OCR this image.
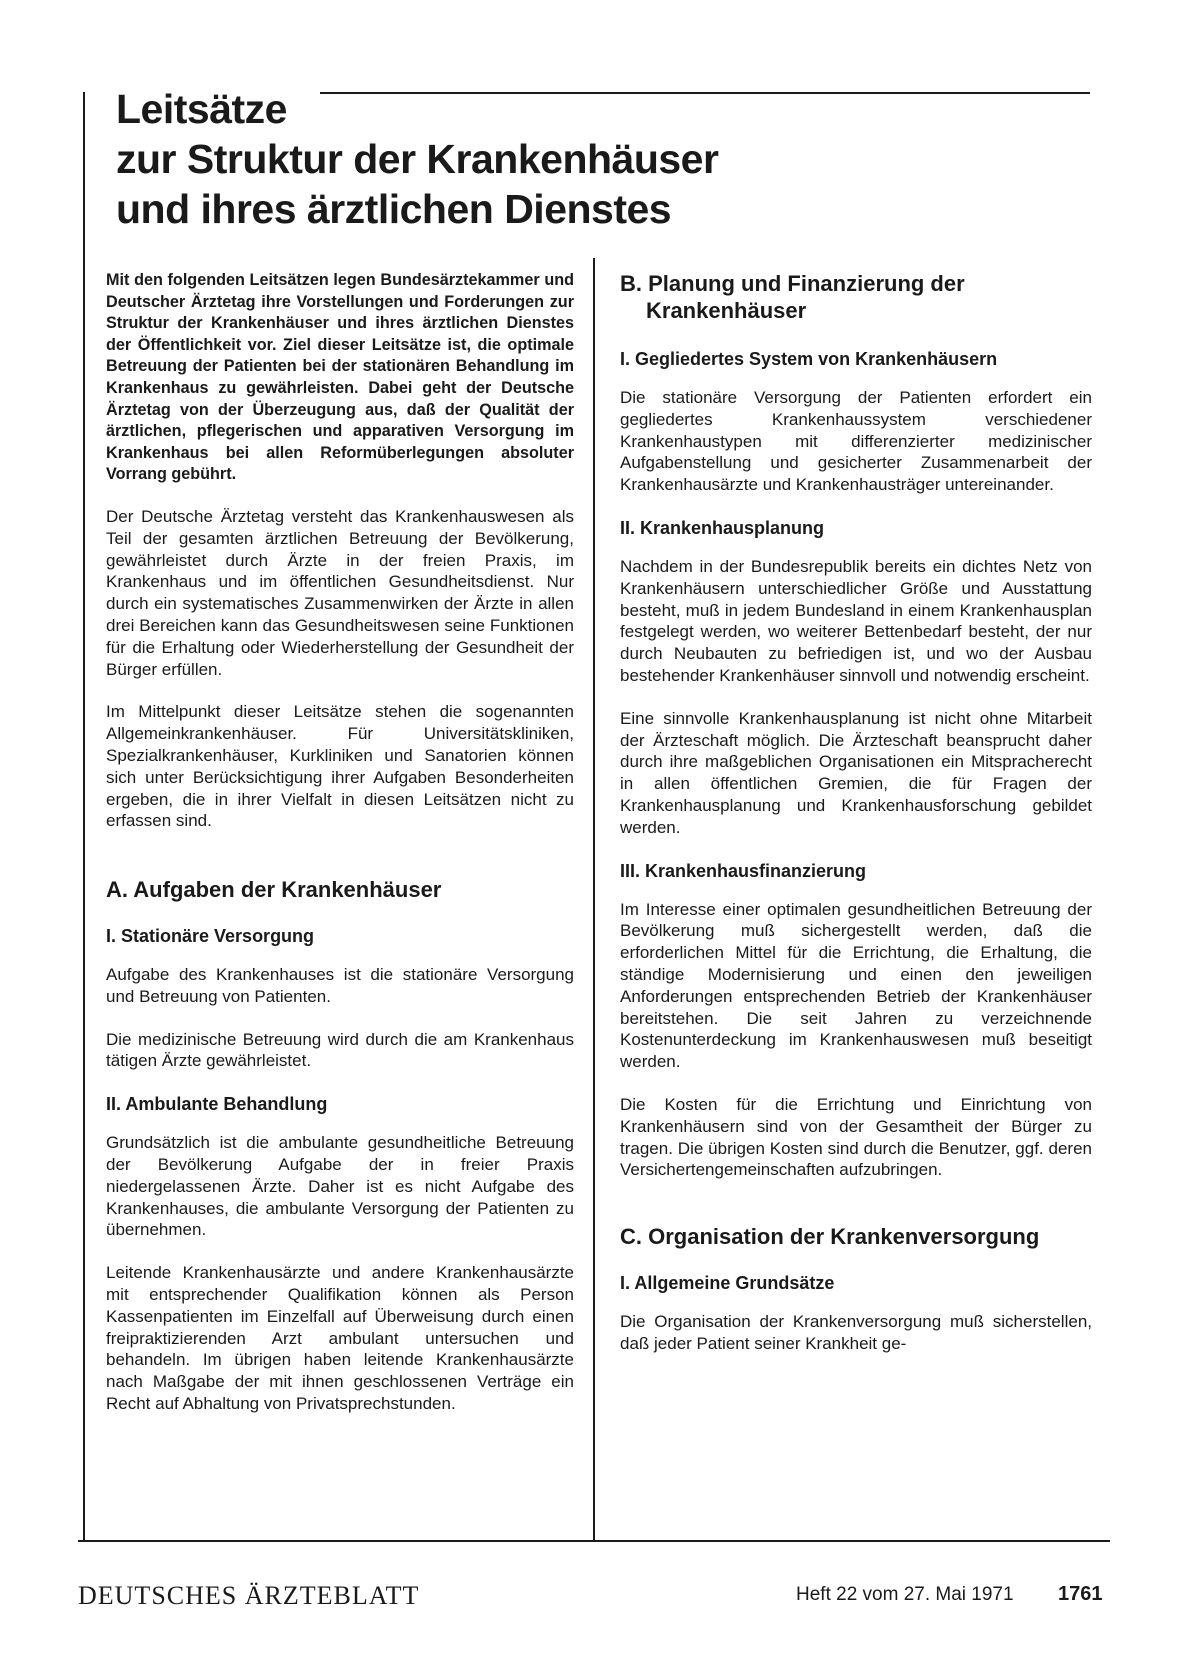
Leitsätze
zur Struktur der Krankenhäuser
und ihres ärztlichen Dienstes

Mit den folgenden Leitsätzen legen Bundesärztekammer und Deutscher Ärztetag ihre Vorstellungen und Forderungen zur Struktur der Krankenhäuser und ihres ärztlichen Dienstes der Öffentlichkeit vor. Ziel dieser Leitsätze ist, die optimale Betreuung der Patienten bei der stationären Behandlung im Krankenhaus zu gewährleisten. Dabei geht der Deutsche Ärztetag von der Überzeugung aus, daß der Qualität der ärztlichen, pflegerischen und apparativen Versorgung im Krankenhaus bei allen Reformüberlegungen absoluter Vorrang gebührt.

Der Deutsche Ärztetag versteht das Krankenhauswesen als Teil der gesamten ärztlichen Betreuung der Bevölkerung, gewährleistet durch Ärzte in der freien Praxis, im Krankenhaus und im öffentlichen Gesundheitsdienst. Nur durch ein systematisches Zusammenwirken der Ärzte in allen drei Bereichen kann das Gesundheitswesen seine Funktionen für die Erhaltung oder Wiederherstellung der Gesundheit der Bürger erfüllen.

Im Mittelpunkt dieser Leitsätze stehen die sogenannten Allgemeinkrankenhäuser. Für Universitätskliniken, Spezialkrankenhäuser, Kurkliniken und Sanatorien können sich unter Berücksichtigung ihrer Aufgaben Besonderheiten ergeben, die in ihrer Vielfalt in diesen Leitsätzen nicht zu erfassen sind.

A. Aufgaben der Krankenhäuser
I. Stationäre Versorgung

Aufgabe des Krankenhauses ist die stationäre Versorgung und Betreuung von Patienten.

Die medizinische Betreuung wird durch die am Krankenhaus tätigen Ärzte gewährleistet.

II. Ambulante Behandlung

Grundsätzlich ist die ambulante gesundheitliche Betreuung der Bevölkerung Aufgabe der in freier Praxis niedergelassenen Ärzte. Daher ist es nicht Aufgabe des Krankenhauses, die ambulante Versorgung der Patienten zu übernehmen.

Leitende Krankenhausärzte und andere Krankenhausärzte mit entsprechender Qualifikation können als Person Kassenpatienten im Einzelfall auf Überweisung durch einen freipraktizierenden Arzt ambulant untersuchen und behandeln. Im übrigen haben leitende Krankenhausärzte nach Maßgabe der mit ihnen geschlossenen Verträge ein Recht auf Abhaltung von Privatsprechstunden.

B. Planung und Finanzierung der Krankenhäuser
I. Gegliedertes System von Krankenhäusern

Die stationäre Versorgung der Patienten erfordert ein gegliedertes Krankenhaussystem verschiedener Krankenhaustypen mit differenzierter medizinischer Aufgabenstellung und gesicherter Zusammenarbeit der Krankenhausärzte und Krankenhausträger untereinander.

II. Krankenhausplanung

Nachdem in der Bundesrepublik bereits ein dichtes Netz von Krankenhäusern unterschiedlicher Größe und Ausstattung besteht, muß in jedem Bundesland in einem Krankenhausplan festgelegt werden, wo weiterer Bettenbedarf besteht, der nur durch Neubauten zu befriedigen ist, und wo der Ausbau bestehender Krankenhäuser sinnvoll und notwendig erscheint.

Eine sinnvolle Krankenhausplanung ist nicht ohne Mitarbeit der Ärzteschaft möglich. Die Ärzteschaft beansprucht daher durch ihre maßgeblichen Organisationen ein Mitspracherecht in allen öffentlichen Gremien, die für Fragen der Krankenhausplanung und Krankenhausforschung gebildet werden.

III. Krankenhausfinanzierung

Im Interesse einer optimalen gesundheitlichen Betreuung der Bevölkerung muß sichergestellt werden, daß die erforderlichen Mittel für die Errichtung, die Erhaltung, die ständige Modernisierung und einen den jeweiligen Anforderungen entsprechenden Betrieb der Krankenhäuser bereitstehen. Die seit Jahren zu verzeichnende Kostenunterdeckung im Krankenhauswesen muß beseitigt werden.

Die Kosten für die Errichtung und Einrichtung von Krankenhäusern sind von der Gesamtheit der Bürger zu tragen. Die übrigen Kosten sind durch die Benutzer, ggf. deren Versichertengemeinschaften aufzubringen.

C. Organisation der Krankenversorgung
I. Allgemeine Grundsätze

Die Organisation der Krankenversorgung muß sicherstellen, daß jeder Patient seiner Krankheit ge-

DEUTSCHES ÄRZTEBLATT	Heft 22 vom 27. Mai 1971 1761
